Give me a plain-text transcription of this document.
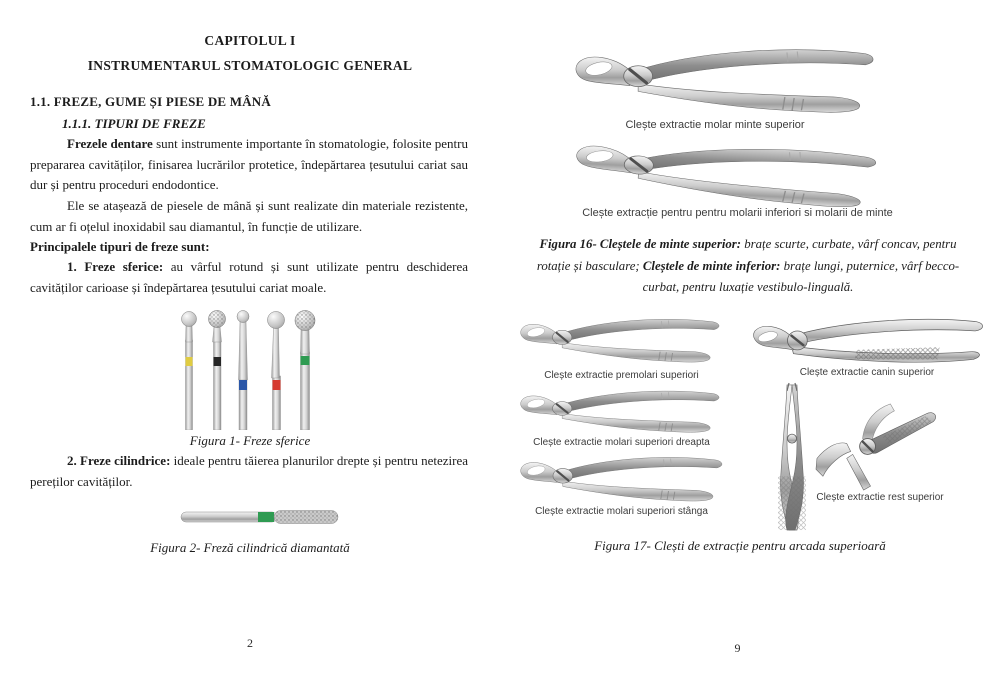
CAPITOLUL I
INSTRUMENTARUL STOMATOLOGIC GENERAL
1.1. FREZE, GUME ȘI PIESE DE MÂNĂ
1.1.1. TIPURI DE FREZE

Frezele dentare sunt instrumente importante în stomatologie, folosite pentru prepararea cavităților, finisarea lucrărilor protetice, îndepărtarea țesutului cariat sau dur și pentru proceduri endodontice.

Ele se atașează de piesele de mână și sunt realizate din materiale rezistente, cum ar fi oțelul inoxidabil sau diamantul, în funcție de utilizare.

Principalele tipuri de freze sunt:

1. Freze sferice: au vârful rotund și sunt utilizate pentru deschiderea cavităților carioase și îndepărtarea țesutului cariat moale.

Figura 1- Freze sferice

2. Freze cilindrice: ideale pentru tăierea planurilor drepte și pentru netezirea pereților cavităților.

Figura 2- Freză cilindrică diamantată
2
Clește extractie molar minte superior
Clește extracție pentru pentru molarii inferiori si molarii de minte
Figura 16- Cleștele de minte superior: brațe scurte, curbate, vârf concav, pentru rotație și basculare; Cleștele de minte inferior: brațe lungi, puternice, vârf becco-curbat, pentru luxație vestibulo-linguală.
Clește extractie premolari superiori
Clește extractie molari superiori dreapta
Clește extractie molari superiori stânga
Clește extractie canin superior
Clește extractie rest superior
Figura 17- Clești de extracție pentru arcada superioară
9
